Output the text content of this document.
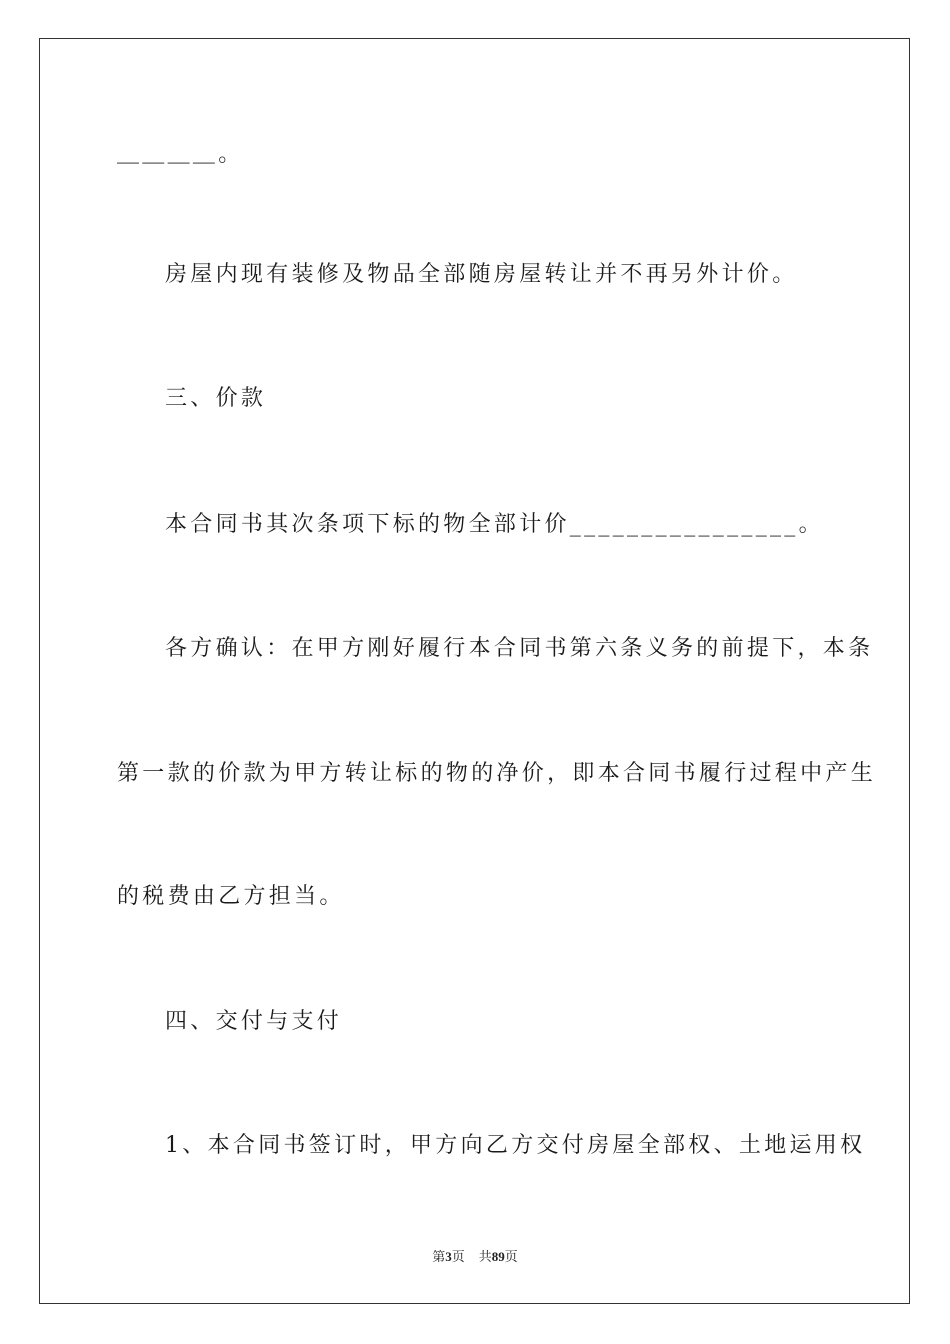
＿＿＿＿。

房屋内现有装修及物品全部随房屋转让并不再另外计价。

三、价款

本合同书其次条项下标的物全部计价________________。

各方确认：在甲方刚好履行本合同书第六条义务的前提下，本条

第一款的价款为甲方转让标的物的净价，即本合同书履行过程中产生

的税费由乙方担当。

四、交付与支付

1、本合同书签订时，甲方向乙方交付房屋全部权、土地运用权

第3页 共89页
